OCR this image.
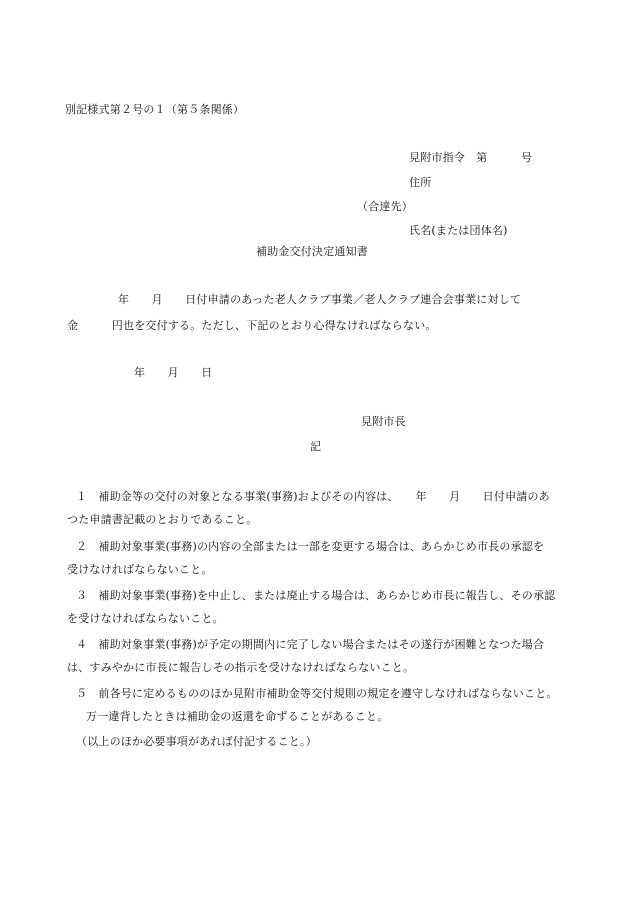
別記様式第２号の１（第５条関係）
見附市指令　第　　　号
住所
（合達先）
氏名(または団体名)
補助金交付決定通知書
年　　月　　日付申請のあった老人クラブ事業／老人クラブ連合会事業に対して
金　　　円也を交付する。ただし、下記のとおり心得なければならない。
年　　月　　日
見附市長
記
１　補助金等の交付の対象となる事業(事務)およびその内容は、　　年　　月　　日付申請のあ
つた申請書記載のとおりであること。
２　補助対象事業(事務)の内容の全部または一部を変更する場合は、あらかじめ市長の承認を
受けなければならないこと。
３　補助対象事業(事務)を中止し、または廃止する場合は、あらかじめ市長に報告し、その承認
を受けなければならないこと。
４　補助対象事業(事務)が予定の期間内に完了しない場合またはその遂行が困難となつた場合
は、すみやかに市長に報告しその指示を受けなければならないこと。
５　前各号に定めるもののほか見附市補助金等交付規則の規定を遵守しなければならないこと。
万一違背したときは補助金の返還を命ずることがあること。
（以上のほか必要事項があれば付記すること。）
